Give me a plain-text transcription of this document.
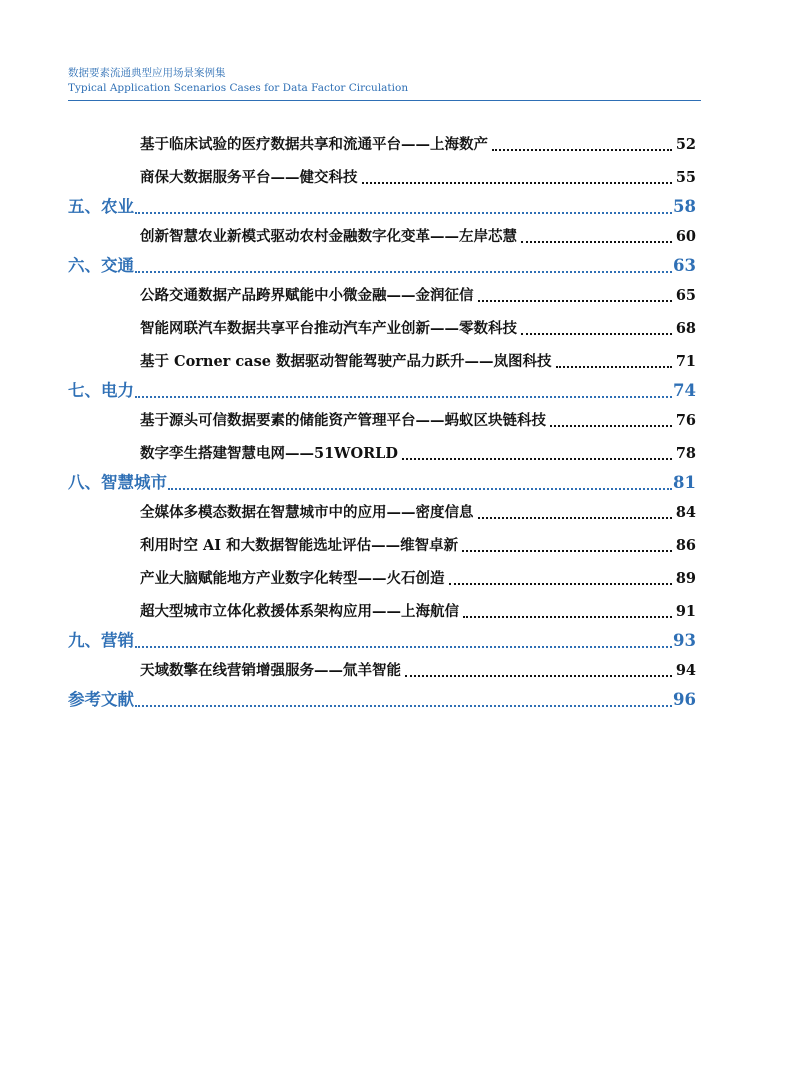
数据要素流通典型应用场景案例集
Typical Application Scenarios Cases for Data Factor Circulation
基于临床试验的医疗数据共享和流通平台——上海数产	52
商保大数据服务平台——健交科技	55
五、农业	58
创新智慧农业新模式驱动农村金融数字化变革——左岸芯慧	60
六、交通	63
公路交通数据产品跨界赋能中小微金融——金润征信	65
智能网联汽车数据共享平台推动汽车产业创新——零数科技	68
基于 Corner case 数据驱动智能驾驶产品力跃升——岚图科技	71
七、电力	74
基于源头可信数据要素的储能资产管理平台——蚂蚁区块链科技	76
数字孪生搭建智慧电网——51WORLD	78
八、智慧城市	81
全媒体多模态数据在智慧城市中的应用——密度信息	84
利用时空 AI 和大数据智能选址评估——维智卓新	86
产业大脑赋能地方产业数字化转型——火石创造	89
超大型城市立体化救援体系架构应用——上海航信	91
九、营销	93
天域数擎在线营销增强服务——氚羊智能	94
参考文献	96
